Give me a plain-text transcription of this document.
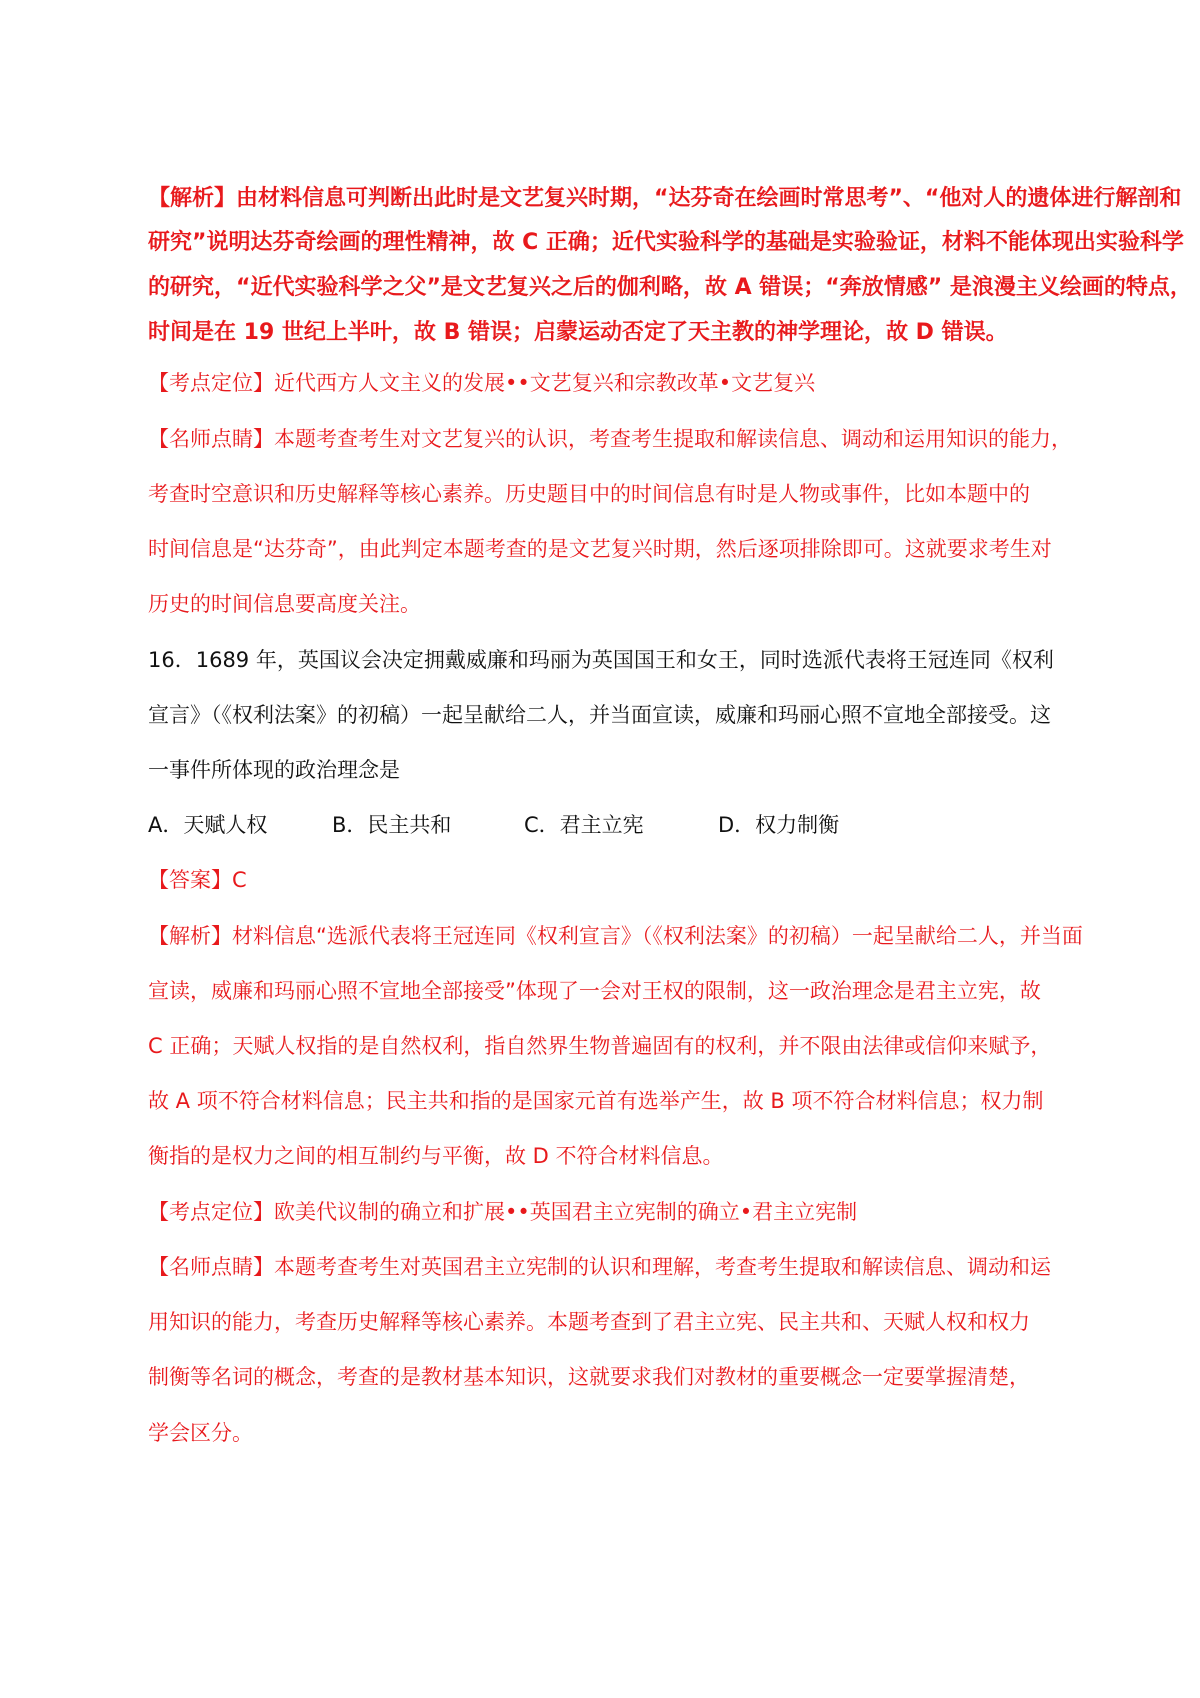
【解析】由材料信息可判断出此时是文艺复兴时期，“达芬奇在绘画时常思考”、“他对人的遗体进行解剖和
研究”说明达芬奇绘画的理性精神，故 C 正确；近代实验科学的基础是实验验证，材料不能体现出实验科学
的研究，“近代实验科学之父”是文艺复兴之后的伽利略，故 A 错误；“奔放情感” 是浪漫主义绘画的特点，
时间是在 19 世纪上半叶，故 B 错误；启蒙运动否定了天主教的神学理论，故 D 错误。
【考点定位】近代西方人文主义的发展••文艺复兴和宗教改革•文艺复兴
【名师点睛】本题考查考生对文艺复兴的认识，考查考生提取和解读信息、调动和运用知识的能力，
考查时空意识和历史解释等核心素养。历史题目中的时间信息有时是人物或事件，比如本题中的
时间信息是“达芬奇”，由此判定本题考查的是文艺复兴时期，然后逐项排除即可。这就要求考生对
历史的时间信息要高度关注。
16．1689 年，英国议会决定拥戴威廉和玛丽为英国国王和女王，同时选派代表将王冠连同《权利
宣言》（《权利法案》的初稿）一起呈献给二人，并当面宣读，威廉和玛丽心照不宣地全部接受。这
一事件所体现的政治理念是
A．天赋人权	B．民主共和	C．君主立宪	D．权力制衡
【答案】C
【解析】材料信息“选派代表将王冠连同《权利宣言》（《权利法案》的初稿）一起呈献给二人，并当面
宣读，威廉和玛丽心照不宣地全部接受”体现了一会对王权的限制，这一政治理念是君主立宪，故
C 正确；天赋人权指的是自然权利，指自然界生物普遍固有的权利，并不限由法律或信仰来赋予，
故 A 项不符合材料信息；民主共和指的是国家元首有选举产生，故 B 项不符合材料信息；权力制
衡指的是权力之间的相互制约与平衡，故 D 不符合材料信息。
【考点定位】欧美代议制的确立和扩展••英国君主立宪制的确立•君主立宪制
【名师点睛】本题考查考生对英国君主立宪制的认识和理解，考查考生提取和解读信息、调动和运
用知识的能力，考查历史解释等核心素养。本题考查到了君主立宪、民主共和、天赋人权和权力
制衡等名词的概念，考查的是教材基本知识，这就要求我们对教材的重要概念一定要掌握清楚，
学会区分。
